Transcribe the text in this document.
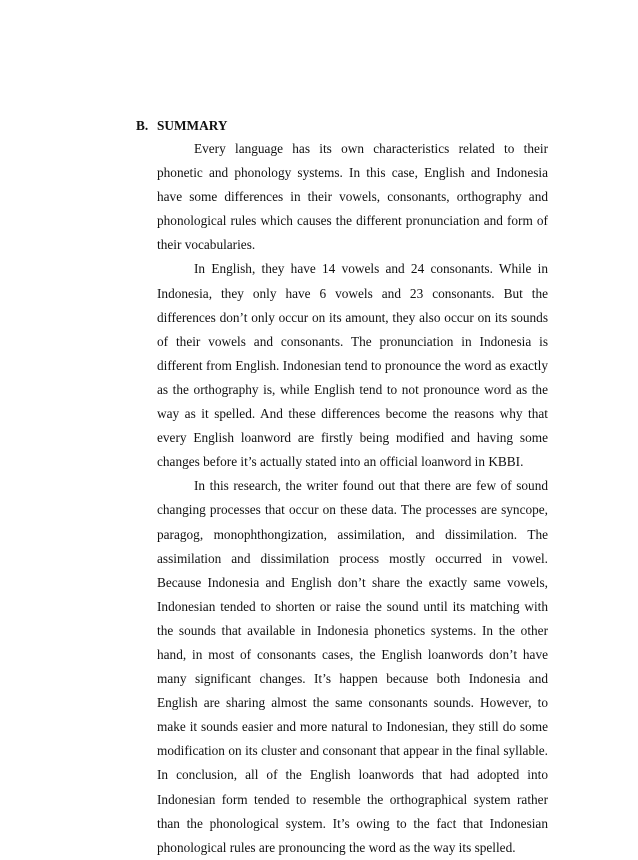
B. SUMMARY

Every language has its own characteristics related to their phonetic and phonology systems. In this case, English and Indonesia have some differences in their vowels, consonants, orthography and phonological rules which causes the different pronunciation and form of their vocabularies.

In English, they have 14 vowels and 24 consonants. While in Indonesia, they only have 6 vowels and 23 consonants. But the differences don’t only occur on its amount, they also occur on its sounds of their vowels and consonants. The pronunciation in Indonesia is different from English. Indonesian tend to pronounce the word as exactly as the orthography is, while English tend to not pronounce word as the way as it spelled. And these differences become the reasons why that every English loanword are firstly being modified and having some changes before it’s actually stated into an official loanword in KBBI.

In this research, the writer found out that there are few of sound changing processes that occur on these data. The processes are syncope, paragog, monophthongization, assimilation, and dissimilation. The assimilation and dissimilation process mostly occurred in vowel. Because Indonesia and English don’t share the exactly same vowels, Indonesian tended to shorten or raise the sound until its matching with the sounds that available in Indonesia phonetics systems. In the other hand, in most of consonants cases, the English loanwords don’t have many significant changes. It’s happen because both Indonesia and English are sharing almost the same consonants sounds. However, to make it sounds easier and more natural to Indonesian, they still do some modification on its cluster and consonant that appear in the final syllable. In conclusion, all of the English loanwords that had adopted into Indonesian form tended to resemble the orthographical system rather than the phonological system. It’s owing to the fact that Indonesian phonological rules are pronouncing the word as the way its spelled.
